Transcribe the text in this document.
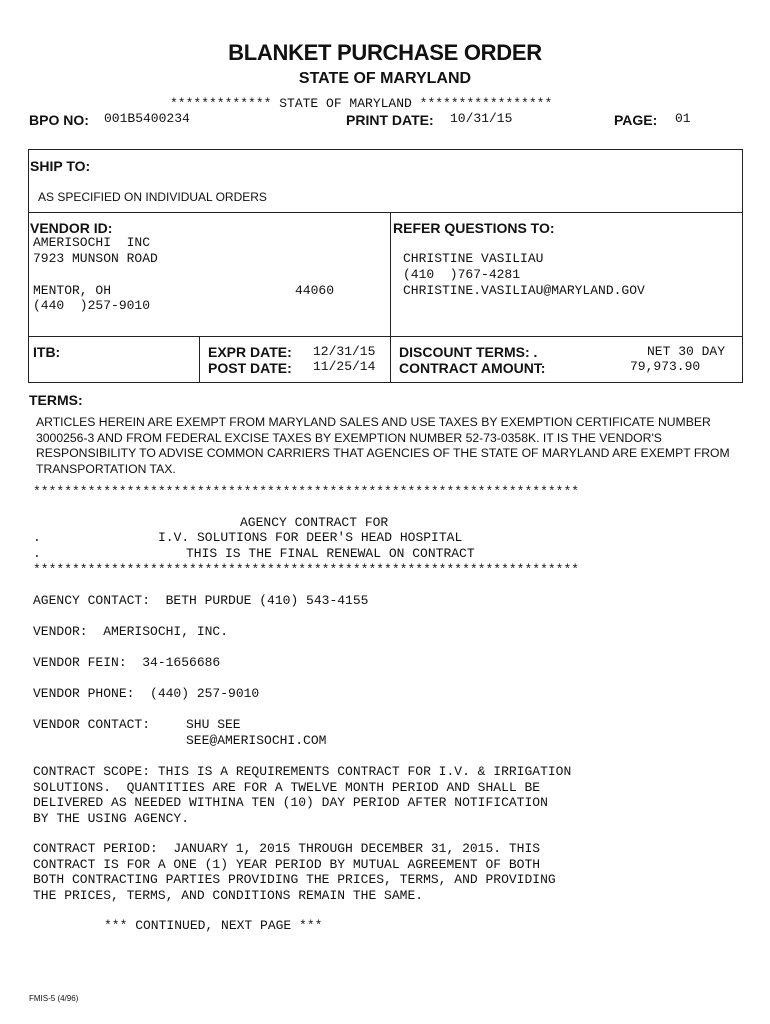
BLANKET PURCHASE ORDER
STATE OF MARYLAND
************* STATE OF MARYLAND *****************
BPO NO: 001B5400234	PRINT DATE: 10/31/15	PAGE: 01
SHIP TO:
AS SPECIFIED ON INDIVIDUAL ORDERS
VENDOR ID:
AMERISOCHI  INC
7923 MUNSON ROAD
MENTOR, OH	44060
(440  )257-9010
REFER QUESTIONS TO:
CHRISTINE VASILIAU
(410  )767-4281
CHRISTINE.VASILIAU@MARYLAND.GOV
ITB:	EXPR DATE: 12/31/15
POST DATE: 11/25/14
DISCOUNT TERMS: .	NET 30 DAY
CONTRACT AMOUNT:	79,973.90
TERMS:
ARTICLES HEREIN ARE EXEMPT FROM MARYLAND SALES AND USE TAXES BY EXEMPTION CERTIFICATE NUMBER 3000256-3 AND FROM FEDERAL EXCISE TAXES BY EXEMPTION NUMBER 52-73-0358K. IT IS THE VENDOR'S RESPONSIBILITY TO ADVISE COMMON CARRIERS THAT AGENCIES OF THE STATE OF MARYLAND ARE EXEMPT FROM TRANSPORTATION TAX.
**********************************************************************
AGENCY CONTRACT FOR
.	I.V. SOLUTIONS FOR DEER'S HEAD HOSPITAL
.	THIS IS THE FINAL RENEWAL ON CONTRACT
**********************************************************************
AGENCY CONTACT:  BETH PURDUE (410) 543-4155
VENDOR:  AMERISOCHI, INC.
VENDOR FEIN:  34-1656686
VENDOR PHONE:  (440) 257-9010
VENDOR CONTACT:	SHU SEE
SEE@AMERISOCHI.COM
CONTRACT SCOPE: THIS IS A REQUIREMENTS CONTRACT FOR I.V. & IRRIGATION
SOLUTIONS.  QUANTITIES ARE FOR A TWELVE MONTH PERIOD AND SHALL BE
DELIVERED AS NEEDED WITHINA TEN (10) DAY PERIOD AFTER NOTIFICATION
BY THE USING AGENCY.
CONTRACT PERIOD:  JANUARY 1, 2015 THROUGH DECEMBER 31, 2015. THIS
CONTRACT IS FOR A ONE (1) YEAR PERIOD BY MUTUAL AGREEMENT OF BOTH
BOTH CONTRACTING PARTIES PROVIDING THE PRICES, TERMS, AND PROVIDING
THE PRICES, TERMS, AND CONDITIONS REMAIN THE SAME.
*** CONTINUED, NEXT PAGE ***
FMIS-5 (4/96)
